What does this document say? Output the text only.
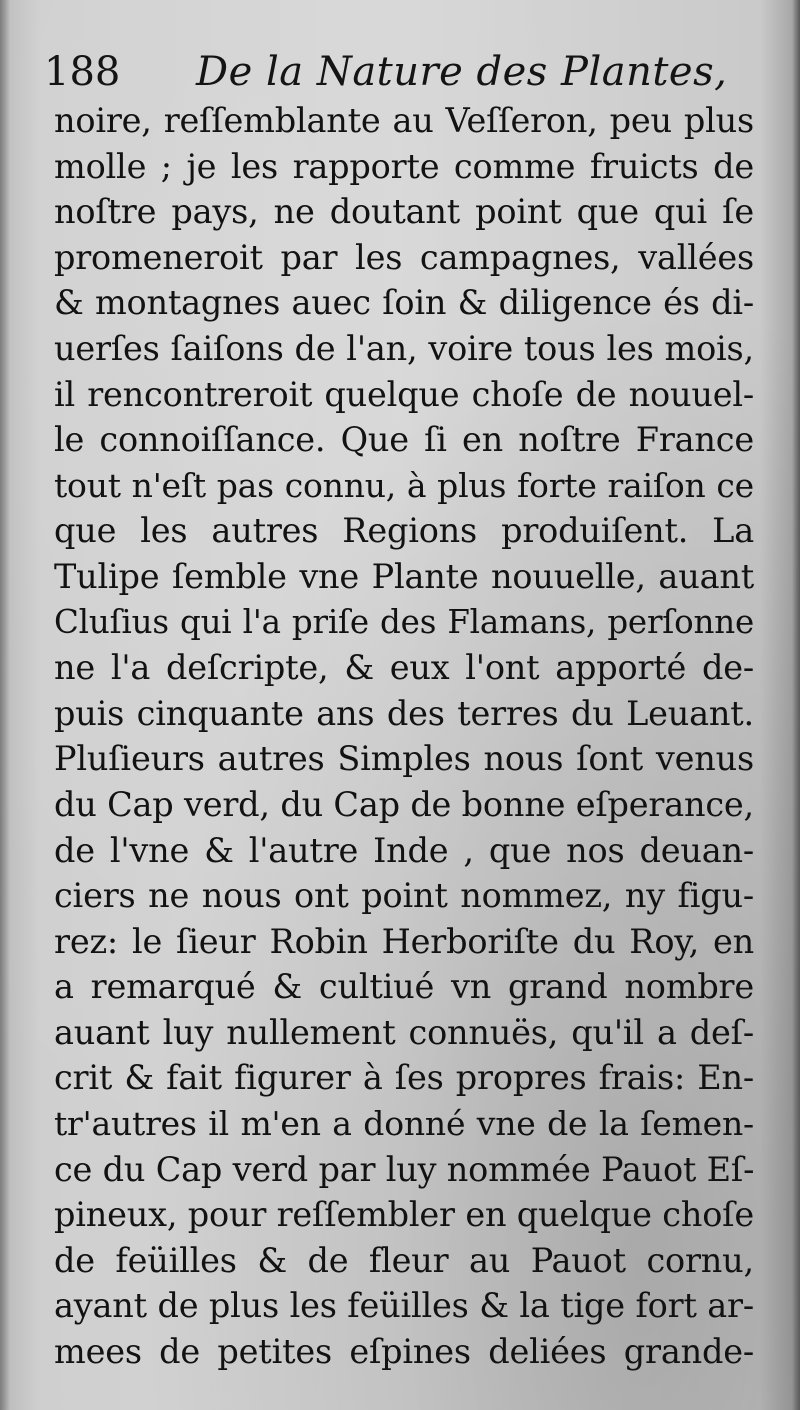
188 De la Nature des Plantes,
noire, reſſemblante au Veſſeron, peu plus
molle ; je les rapporte comme fruicts de
noſtre pays, ne doutant point que qui ſe
promeneroit par les campagnes, vallées
& montagnes auec ſoin & diligence és di-
uerſes ſaiſons de l'an, voire tous les mois,
il rencontreroit quelque choſe de nouuel-
le connoiſſance. Que ſi en noſtre France
tout n'eſt pas connu, à plus forte raiſon ce
que les autres Regions produiſent. La
Tulipe ſemble vne Plante nouuelle, auant
Cluſius qui l'a priſe des Flamans, perſonne
ne l'a deſcripte, & eux l'ont apporté de-
puis cinquante ans des terres du Leuant.
Pluſieurs autres Simples nous ſont venus
du Cap verd, du Cap de bonne eſperance,
de l'vne & l'autre Inde , que nos deuan-
ciers ne nous ont point nommez, ny figu-
rez: le ſieur Robin Herboriſte du Roy, en
a remarqué & cultiué vn grand nombre
auant luy nullement connuës, qu'il a deſ-
crit & fait figurer à ſes propres frais: En-
tr'autres il m'en a donné vne de la ſemen-
ce du Cap verd par luy nommée Pauot Eſ-
pineux, pour reſſembler en quelque choſe
de feüilles & de fleur au Pauot cornu,
ayant de plus les feüilles & la tige fort ar-
mees de petites eſpines deliées grande-
